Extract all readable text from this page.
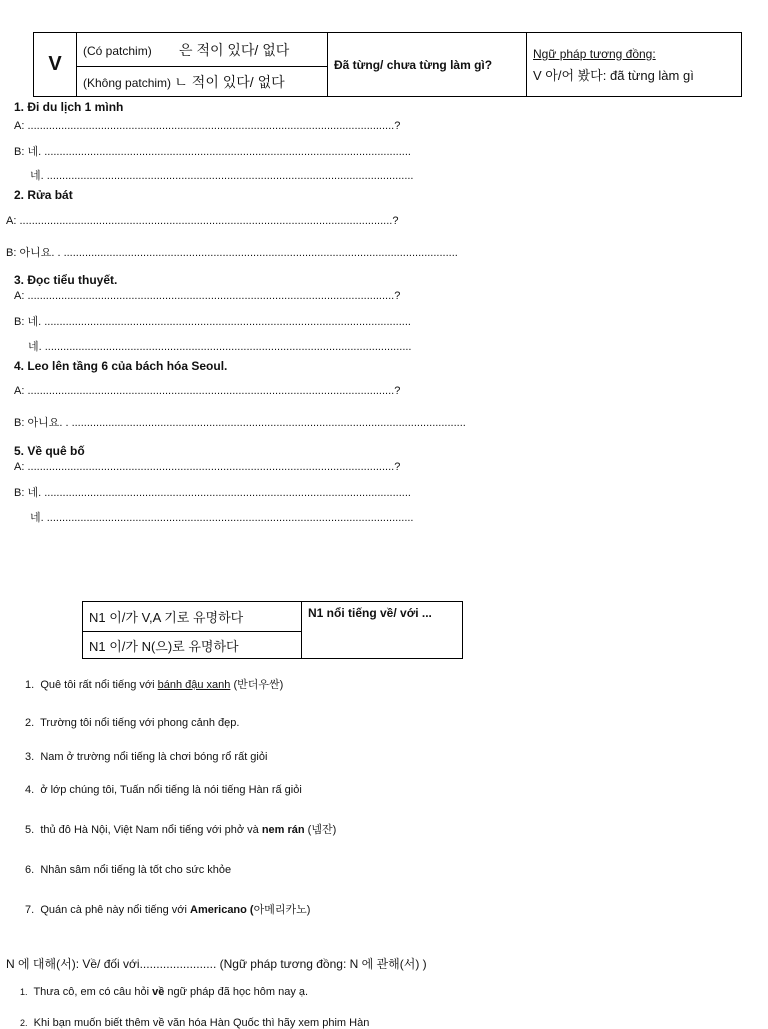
V	(Có patchim) 은 적이 있다/ 없다	Đã từng/ chưa từng làm gì?	
Ngữ pháp tương đồng:
V 아/어 봤다: đã từng làm gì

(Không patchim) ㄴ 적이 있다/ 없다
1. Đi du lịch 1 mình
A: ........................................................................................................................?
B: 네. ........................................................................................................................
네. ........................................................................................................................
2. Rửa bát
A: ..........................................................................................................................?
B: 아니요. . .................................................................................................................................
3. Đọc tiểu thuyết.
A: ........................................................................................................................?
B: 네. ........................................................................................................................
네. ........................................................................................................................
4. Leo lên tầng 6 của bách hóa Seoul.
A: ........................................................................................................................?
B: 아니요. . .................................................................................................................................
5. Về quê bố
A: ........................................................................................................................?
B: 네. ........................................................................................................................
네. ........................................................................................................................
N1 이/가 V,A 기로 유명하다	N1 nổi tiếng về/ với ...
N1 이/가 N(으)로 유명하다
1. Quê tôi rất nổi tiếng với bánh đậu xanh (반더우싼)
2. Trường tôi nổi tiếng với phong cảnh đẹp.
3. Nam ở trường nổi tiếng là chơi bóng rổ rất giỏi
4. ở lớp chúng tôi, Tuấn nổi tiếng là nói tiếng Hàn rấ giỏi
5. thủ đô Hà Nội, Việt Nam nổi tiếng với phở và nem rán (넴잔)
6. Nhân sâm nổi tiếng là tốt cho sức khỏe
7. Quán cà phê này nổi tiếng với Americano (아메리카노)
N 에 대해(서): Về/ đối với....................... (Ngữ pháp tương đồng: N 에 관해(서) )
1. Thưa cô, em có câu hỏi về ngữ pháp đã học hôm nay ạ.
2. Khi bạn muốn biết thêm về văn hóa Hàn Quốc thì hãy xem phim Hàn
